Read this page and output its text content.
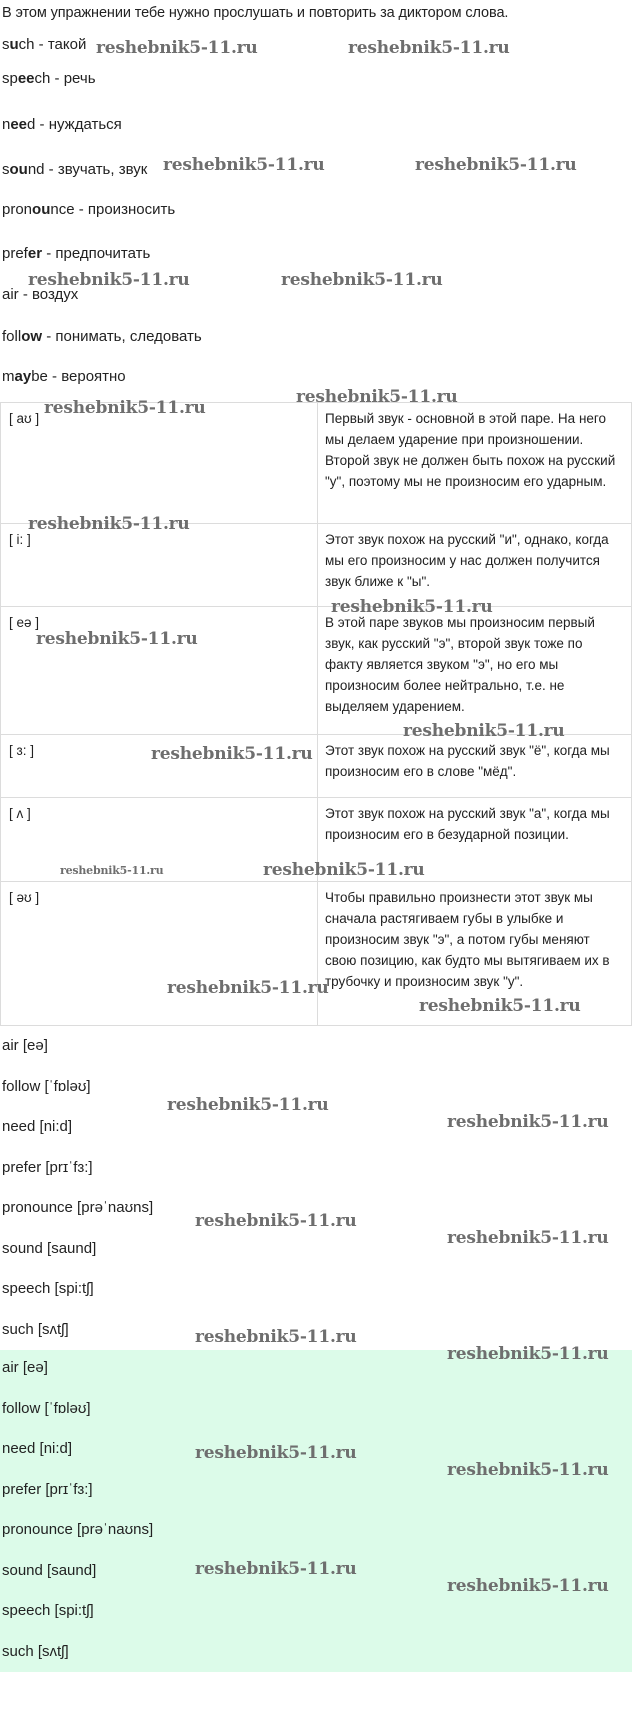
В этом упражнении тебе нужно прослушать и повторить за диктором слова.

such - такой

speech - речь

need - нуждаться

sound - звучать, звук

pronounce - произносить

prefer - предпочитать

air - воздух

follow - понимать, следовать

maybe - вероятно

[ aʊ ]	Первый звук - основной в этой паре. На него мы делаем ударение при произношении. Второй звук не должен быть похож на русский "у", поэтому мы не произносим его ударным.
[ i: ]	Этот звук похож на русский "и", однако, когда мы его произносим у нас должен получится звук ближе к "ы".
[ eə ]	В этой паре звуков мы произносим первый звук, как русский "э", второй звук тоже по факту является звуком "э", но его мы произносим более нейтрально, т.е. не выделяем ударением.
[ ɜ: ]	Этот звук похож на русский звук "ё", когда мы произносим его в слове "мёд".
[ ʌ ]	Этот звук похож на русский звук "а", когда мы произносим его в безударной позиции.
[ əʊ ]	Чтобы правильно произнести этот звук мы сначала растягиваем губы в улыбке и произносим звук "э", а потом губы меняют свою позицию, как будто мы вытягиваем их в трубочку и произносим звук "у".

air [eə]

follow [ˈfɒləʊ]

need [ni:d]

prefer [prɪˈfɜ:]

pronounce [prəˈnaʊns]

sound [saund]

speech [spi:tʃ]

such [sʌtʃ]

air [eə]

follow [ˈfɒləʊ]

need [ni:d]

prefer [prɪˈfɜ:]

pronounce [prəˈnaʊns]

sound [saund]

speech [spi:tʃ]

such [sʌtʃ]

reshebnik5-11.ru	reshebnik5-11.ru
reshebnik5-11.ru	reshebnik5-11.ru
reshebnik5-11.ru	reshebnik5-11.ru
reshebnik5-11.ru
reshebnik5-11.ru
reshebnik5-11.ru
reshebnik5-11.ru
reshebnik5-11.ru
reshebnik5-11.ru
reshebnik5-11.ru
reshebnik5-11.ru	reshebnik5-11.ru
reshebnik5-11.ru
reshebnik5-11.ru
reshebnik5-11.ru
reshebnik5-11.ru
reshebnik5-11.ru
reshebnik5-11.ru
reshebnik5-11.ru
reshebnik5-11.ru
reshebnik5-11.ru
reshebnik5-11.ru
reshebnik5-11.ru
reshebnik5-11.ru
